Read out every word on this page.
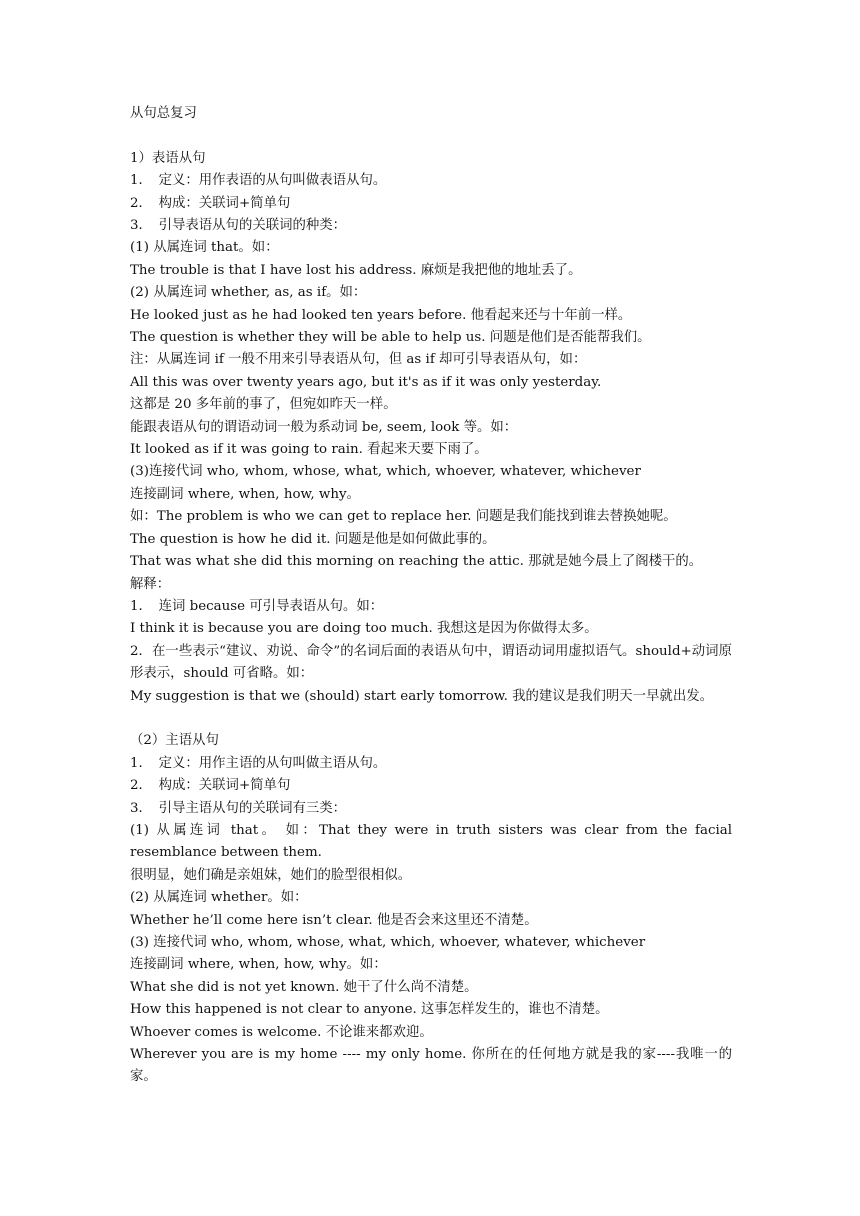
从句总复习
1）表语从句
1．　定义：用作表语的从句叫做表语从句。
2．　构成：关联词+简单句
3．　引导表语从句的关联词的种类：
(1) 从属连词 that。如：
The trouble is that I have lost his address. 麻烦是我把他的地址丢了。
(2) 从属连词 whether, as, as if。如：
He looked just as he had looked ten years before. 他看起来还与十年前一样。
The question is whether they will be able to help us. 问题是他们是否能帮我们。
注：从属连词 if 一般不用来引导表语从句，但 as if 却可引导表语从句，如：
All this was over twenty years ago, but it's as if it was only yesterday.
这都是 20 多年前的事了，但宛如昨天一样。
能跟表语从句的谓语动词一般为系动词 be, seem, look 等。如：
It looked as if it was going to rain. 看起来天要下雨了。
(3)连接代词 who, whom, whose, what, which, whoever, whatever, whichever
连接副词 where, when, how, why。
如：The problem is who we can get to replace her. 问题是我们能找到谁去替换她呢。
The question is how he did it. 问题是他是如何做此事的。
That was what she did this morning on reaching the attic. 那就是她今晨上了阁楼干的。
解释：
1．　连词 because 可引导表语从句。如：
I think it is because you are doing too much. 我想这是因为你做得太多。
2．在一些表示“建议、劝说、命令”的名词后面的表语从句中，谓语动词用虚拟语气。should+动词原形表示，should 可省略。如：
My suggestion is that we (should) start early tomorrow. 我的建议是我们明天一早就出发。
（2）主语从句
1．　定义：用作主语的从句叫做主语从句。
2．　构成：关联词+简单句
3．　引导主语从句的关联词有三类：
(1) 从属连词 that。 如：That they were in truth sisters was clear from the facial resemblance between them.
很明显，她们确是亲姐妹，她们的脸型很相似。
(2) 从属连词 whether。如：
Whether he’ll come here isn’t clear. 他是否会来这里还不清楚。
(3) 连接代词 who, whom, whose, what, which, whoever, whatever, whichever
连接副词 where, when, how, why。如：
What she did is not yet known. 她干了什么尚不清楚。
How this happened is not clear to anyone. 这事怎样发生的，谁也不清楚。
Whoever comes is welcome. 不论谁来都欢迎。
Wherever you are is my home ---- my only home. 你所在的任何地方就是我的家----我唯一的家。
